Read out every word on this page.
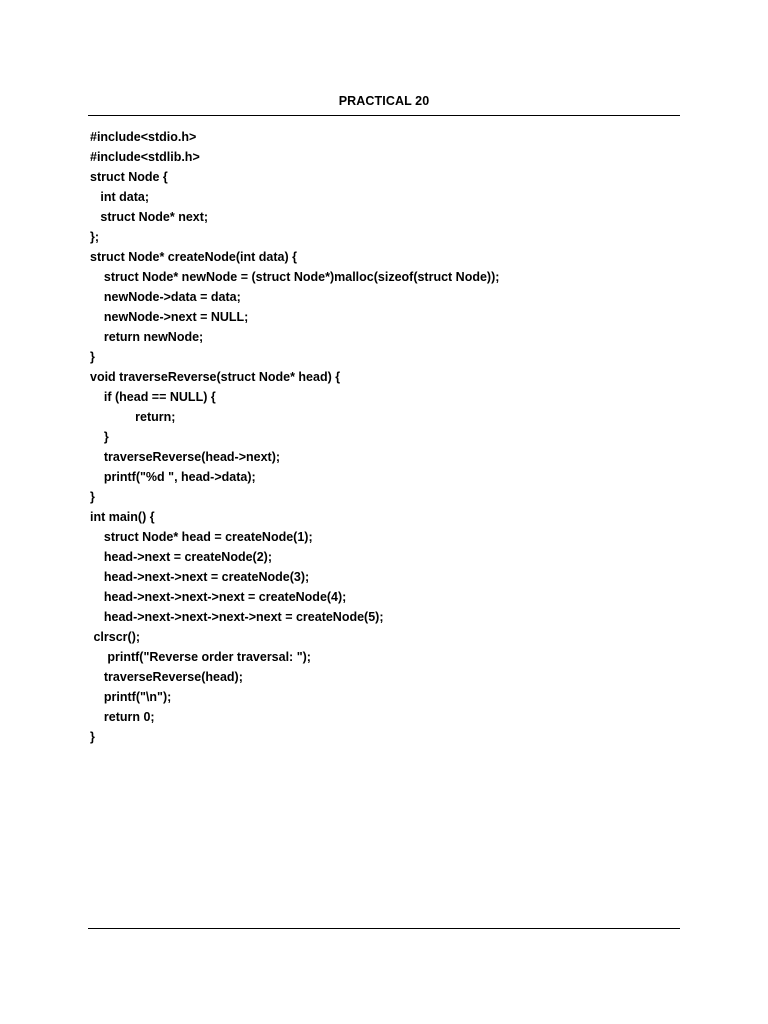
PRACTICAL 20
#include<stdio.h>
#include<stdlib.h>
struct Node {
int data;
struct Node* next;
};
struct Node* createNode(int data) {
struct Node* newNode = (struct Node*)malloc(sizeof(struct Node));
newNode->data = data;
newNode->next = NULL;
return newNode;
}
void traverseReverse(struct Node* head) {
if (head == NULL) {
return;
}
traverseReverse(head->next);
printf("%d ", head->data);
}
int main() {
struct Node* head = createNode(1);
head->next = createNode(2);
head->next->next = createNode(3);
head->next->next->next = createNode(4);
head->next->next->next->next = createNode(5);
clrscr();
printf("Reverse order traversal: ");
traverseReverse(head);
printf("\n");
return 0;
}
